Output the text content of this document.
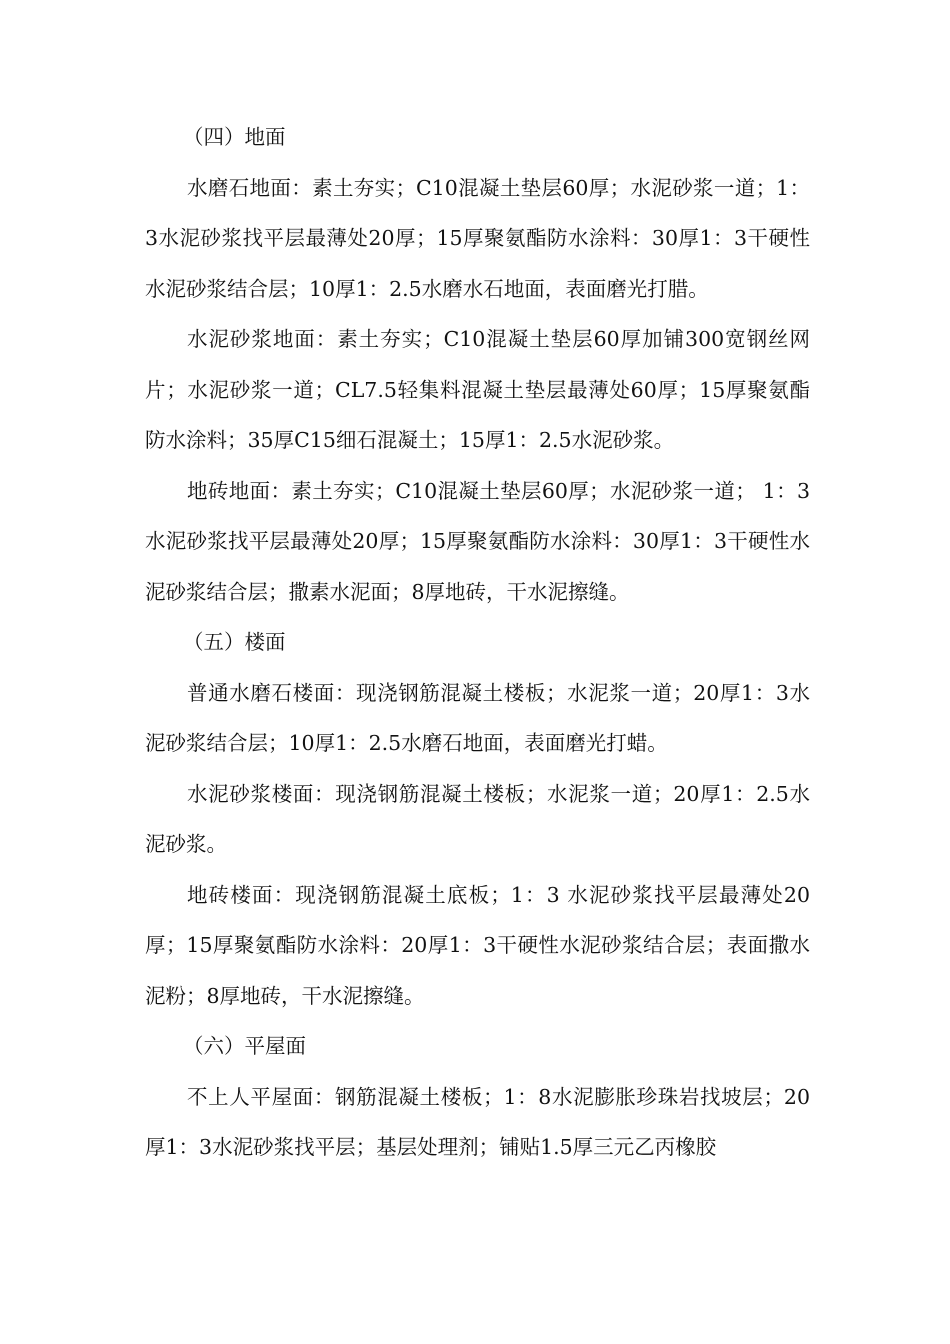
（四）地面

水磨石地面：素土夯实；C10混凝土垫层60厚；水泥砂浆一道；1：3水泥砂浆找平层最薄处20厚；15厚聚氨酯防水涂料：30厚1：3干硬性水泥砂浆结合层；10厚1：2.5水磨水石地面，表面磨光打腊。

水泥砂浆地面：素土夯实；C10混凝土垫层60厚加铺300宽钢丝网片；水泥砂浆一道；CL7.5轻集料混凝土垫层最薄处60厚；15厚聚氨酯防水涂料；35厚C15细石混凝土；15厚1：2.5水泥砂浆。

地砖地面：素土夯实；C10混凝土垫层60厚；水泥砂浆一道； 1：3水泥砂浆找平层最薄处20厚；15厚聚氨酯防水涂料：30厚1：3干硬性水泥砂浆结合层；撒素水泥面；8厚地砖，干水泥擦缝。

（五）楼面

普通水磨石楼面：现浇钢筋混凝土楼板；水泥浆一道；20厚1：3水泥砂浆结合层；10厚1：2.5水磨石地面，表面磨光打蜡。

水泥砂浆楼面：现浇钢筋混凝土楼板；水泥浆一道；20厚1：2.5水泥砂浆。

地砖楼面：现浇钢筋混凝土底板；1：3 水泥砂浆找平层最薄处20厚；15厚聚氨酯防水涂料：20厚1：3干硬性水泥砂浆结合层；表面撒水泥粉；8厚地砖，干水泥擦缝。

（六）平屋面

不上人平屋面：钢筋混凝土楼板；1：8水泥膨胀珍珠岩找坡层；20厚1：3水泥砂浆找平层；基层处理剂；铺贴1.5厚三元乙丙橡胶
